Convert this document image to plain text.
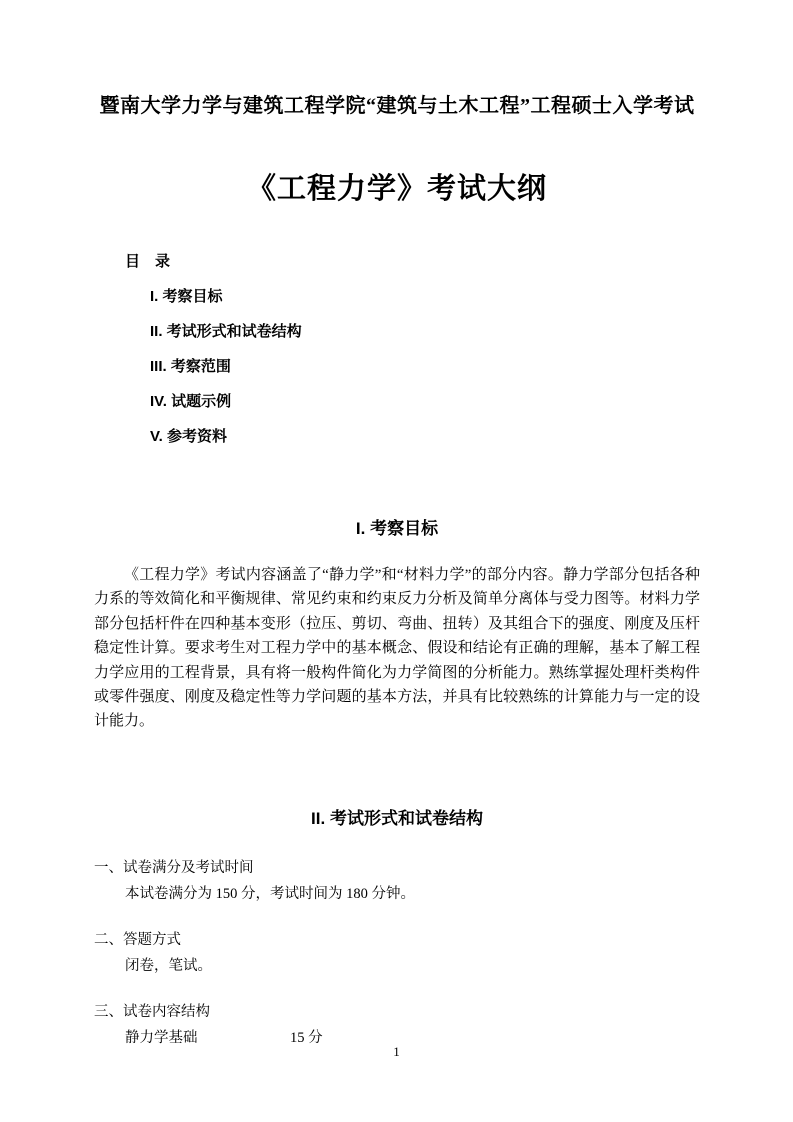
暨南大学力学与建筑工程学院“建筑与土木工程”工程硕士入学考试
《工程力学》考试大纲
目　录
I. 考察目标
II. 考试形式和试卷结构
III. 考察范围
IV. 试题示例
V. 参考资料
I. 考察目标

《工程力学》考试内容涵盖了“静力学”和“材料力学”的部分内容。静力学部分包括各种力系的等效简化和平衡规律、常见约束和约束反力分析及简单分离体与受力图等。材料力学部分包括杆件在四种基本变形（拉压、剪切、弯曲、扭转）及其组合下的强度、刚度及压杆稳定性计算。要求考生对工程力学中的基本概念、假设和结论有正确的理解，基本了解工程力学应用的工程背景，具有将一般构件简化为力学简图的分析能力。熟练掌握处理杆类构件或零件强度、刚度及稳定性等力学问题的基本方法，并具有比较熟练的计算能力与一定的设计能力。

II. 考试形式和试卷结构
一、试卷满分及考试时间
本试卷满分为 150 分，考试时间为 180 分钟。
二、答题方式
闭卷，笔试。
三、试卷内容结构
静力学基础	15 分
1
